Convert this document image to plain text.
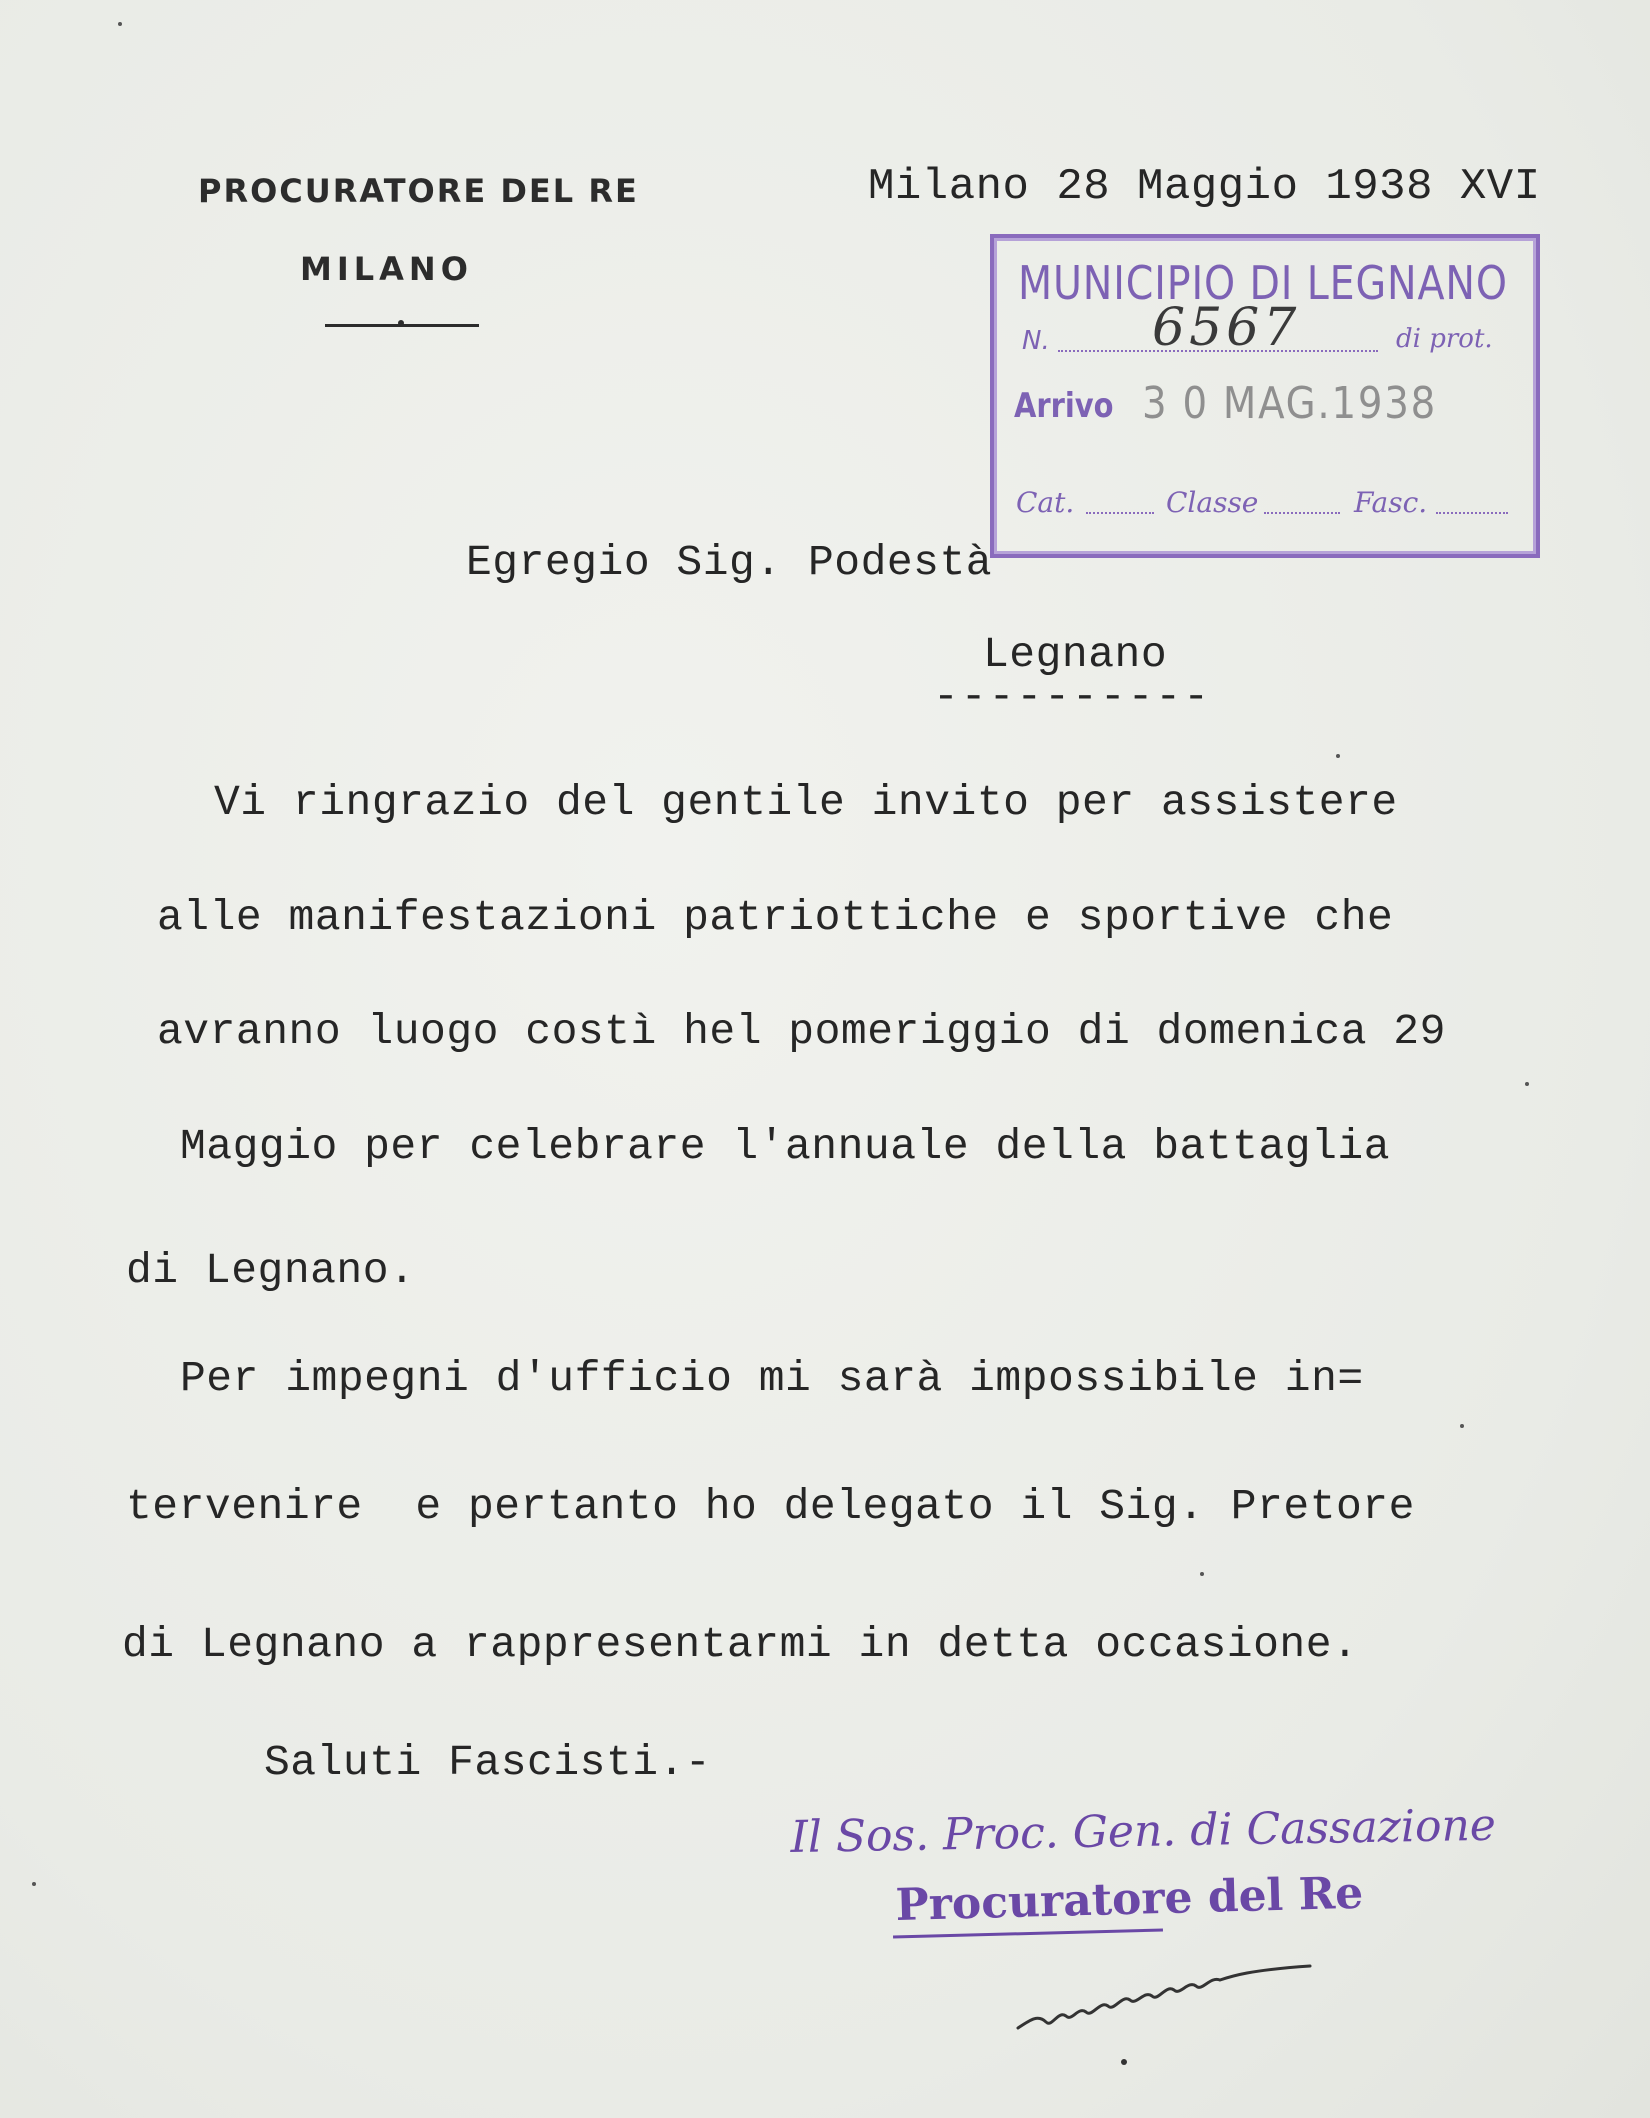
PROCURATORE DEL RE
MILANO
Milano 28 Maggio 1938 XVI
MUNICIPIO DI LEGNANO
N. 6567	di prot.
Arrivo 3 0 MAG.1938
Cat.	Classe	Fasc.
Egregio Sig. Podestà
Legnano
----------
Vi ringrazio del gentile invito per assistere
alle manifestazioni patriottiche e sportive che
avranno luogo costì hel pomeriggio di domenica 29
Maggio per celebrare l'annuale della battaglia
di Legnano.
Per impegni d'ufficio mi sarà impossibile in=
tervenire  e pertanto ho delegato il Sig. Pretore
di Legnano a rappresentarmi in detta occasione.
Saluti Fascisti.-
Il Sos. Proc. Gen. di Cassazione
Procuratore del Re
